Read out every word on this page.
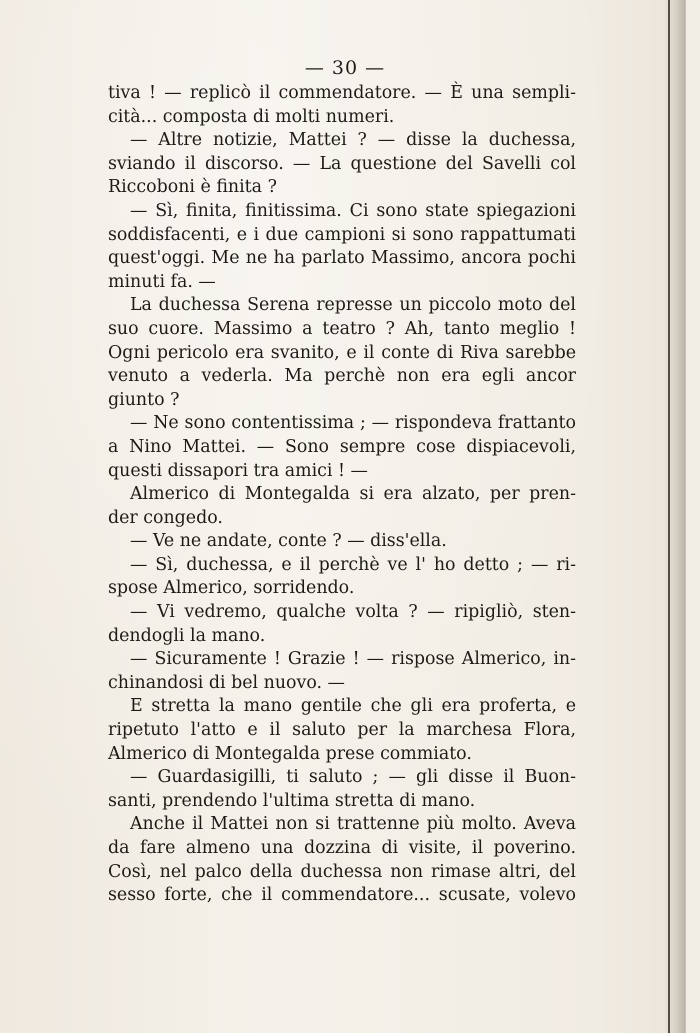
— 30 —
tiva ! — replicò il commendatore. — È una sempli-
cità... composta di molti numeri.
— Altre notizie, Mattei ? — disse la duchessa,
sviando il discorso. — La questione del Savelli col
Riccoboni è finita ?
— Sì, finita, finitissima. Ci sono state spiegazioni
soddisfacenti, e i due campioni si sono rappattumati
quest'oggi. Me ne ha parlato Massimo, ancora pochi
minuti fa. —
La duchessa Serena represse un piccolo moto del
suo cuore. Massimo a teatro ? Ah, tanto meglio !
Ogni pericolo era svanito, e il conte di Riva sarebbe
venuto a vederla. Ma perchè non era egli ancor
giunto ?
— Ne sono contentissima ; — rispondeva frattanto
a Nino Mattei. — Sono sempre cose dispiacevoli,
questi dissapori tra amici ! —
Almerico di Montegalda si era alzato, per pren-
der congedo.
— Ve ne andate, conte ? — diss'ella.
— Sì, duchessa, e il perchè ve l' ho detto ; — ri-
spose Almerico, sorridendo.
— Vi vedremo, qualche volta ? — ripigliò, sten-
dendogli la mano.
— Sicuramente ! Grazie ! — rispose Almerico, in-
chinandosi di bel nuovo. —
E stretta la mano gentile che gli era proferta, e
ripetuto l'atto e il saluto per la marchesa Flora,
Almerico di Montegalda prese commiato.
— Guardasigilli, ti saluto ; — gli disse il Buon-
santi, prendendo l'ultima stretta di mano.
Anche il Mattei non si trattenne più molto. Aveva
da fare almeno una dozzina di visite, il poverino.
Così, nel palco della duchessa non rimase altri, del
sesso forte, che il commendatore... scusate, volevo
